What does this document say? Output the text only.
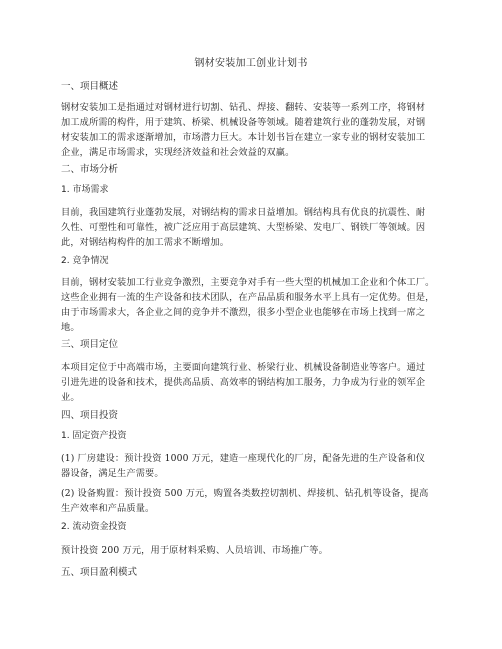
钢材安装加工创业计划书
一、项目概述
钢材安装加工是指通过对钢材进行切割、钻孔、焊接、翻转、安装等一系列工序，将钢材
加工成所需的构件，用于建筑、桥梁、机械设备等领域。随着建筑行业的蓬勃发展，对钢
材安装加工的需求逐渐增加，市场潜力巨大。本计划书旨在建立一家专业的钢材安装加工
企业，满足市场需求，实现经济效益和社会效益的双赢。
二、市场分析
1. 市场需求
目前，我国建筑行业蓬勃发展，对钢结构的需求日益增加。钢结构具有优良的抗震性、耐
久性、可塑性和可靠性，被广泛应用于高层建筑、大型桥梁、发电厂、钢铁厂等领域。因
此，对钢结构构件的加工需求不断增加。
2. 竞争情况
目前，钢材安装加工行业竞争激烈，主要竞争对手有一些大型的机械加工企业和个体工厂。
这些企业拥有一流的生产设备和技术团队，在产品品质和服务水平上具有一定优势。但是，
由于市场需求大，各企业之间的竞争并不激烈，很多小型企业也能够在市场上找到一席之
地。
三、项目定位
本项目定位于中高端市场，主要面向建筑行业、桥梁行业、机械设备制造业等客户。通过
引进先进的设备和技术，提供高品质、高效率的钢结构加工服务，力争成为行业的领军企
业。
四、项目投资
1. 固定资产投资
(1) 厂房建设：预计投资 1000 万元，建造一座现代化的厂房，配备先进的生产设备和仪
器设备，满足生产需要。
(2) 设备购置：预计投资 500 万元，购置各类数控切割机、焊接机、钻孔机等设备，提高
生产效率和产品质量。
2. 流动资金投资
预计投资 200 万元，用于原材料采购、人员培训、市场推广等。
五、项目盈利模式
